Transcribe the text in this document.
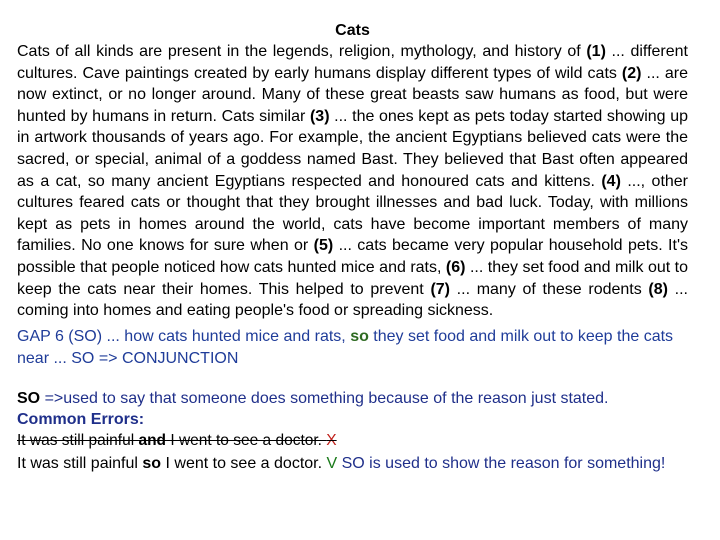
Cats

Cats of all kinds are present in the legends, religion, mythology, and history of (1) ... different cultures. Cave paintings created by early humans display different types of wild cats (2) ... are now extinct, or no longer around. Many of these great beasts saw humans as food, but were hunted by humans in return. Cats similar (3) ... the ones kept as pets today started showing up in artwork thousands of years ago. For example, the ancient Egyptians believed cats were the sacred, or special, animal of a goddess named Bast. They believed that Bast often appeared as a cat, so many ancient Egyptians respected and honoured cats and kittens. (4) ..., other cultures feared cats or thought that they brought illnesses and bad luck. Today, with millions kept as pets in homes around the world, cats have become important members of many families. No one knows for sure when or (5) ... cats became very popular household pets. It's possible that people noticed how cats hunted mice and rats, (6) ... they set food and milk out to keep the cats near their homes. This helped to prevent (7) ... many of these rodents (8) ... coming into homes and eating people's food or spreading sickness.

GAP 6 (SO) ... how cats hunted mice and rats, so they set food and milk out to keep the cats near ... SO => CONJUNCTION

SO =>used to say that someone does something because of the reason just stated.

Common Errors:

It was still painful and I went to see a doctor. X

It was still painful so I went to see a doctor. V SO is used to show the reason for something!
